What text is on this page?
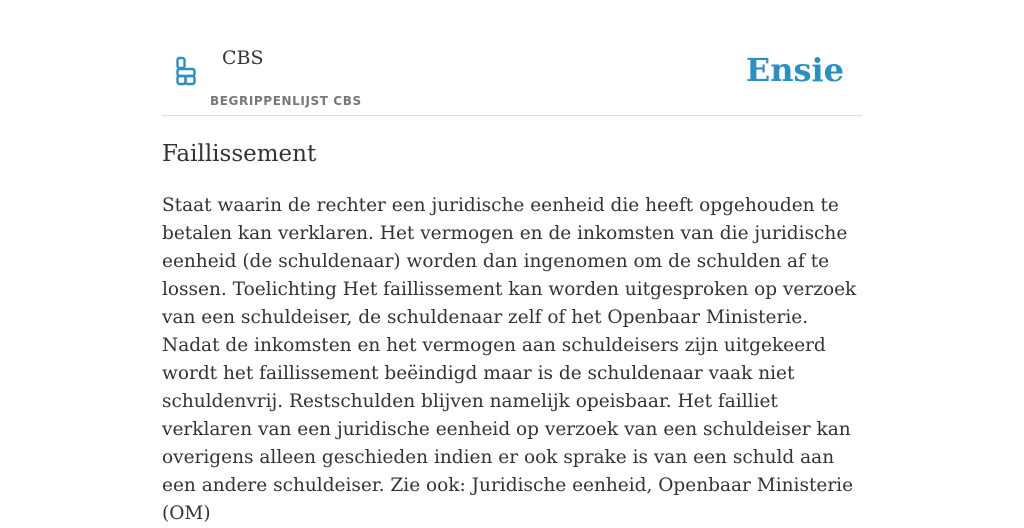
CBS
BEGRIPPENLIJST CBS
Ensie
Faillissement

Staat waarin de rechter een juridische eenheid die heeft opgehouden te betalen kan verklaren. Het vermogen en de inkomsten van die juridische eenheid (de schuldenaar) worden dan ingenomen om de schulden af te lossen. Toelichting Het faillissement kan worden uitgesproken op verzoek van een schuldeiser, de schuldenaar zelf of het Openbaar Ministerie. Nadat de inkomsten en het vermogen aan schuldeisers zijn uitgekeerd wordt het faillissement beëindigd maar is de schuldenaar vaak niet schuldenvrij. Restschulden blijven namelijk opeisbaar. Het failliet verklaren van een juridische eenheid op verzoek van een schuldeiser kan overigens alleen geschieden indien er ook sprake is van een schuld aan een andere schuldeiser. Zie ook: Juridische eenheid, Openbaar Ministerie (OM)
